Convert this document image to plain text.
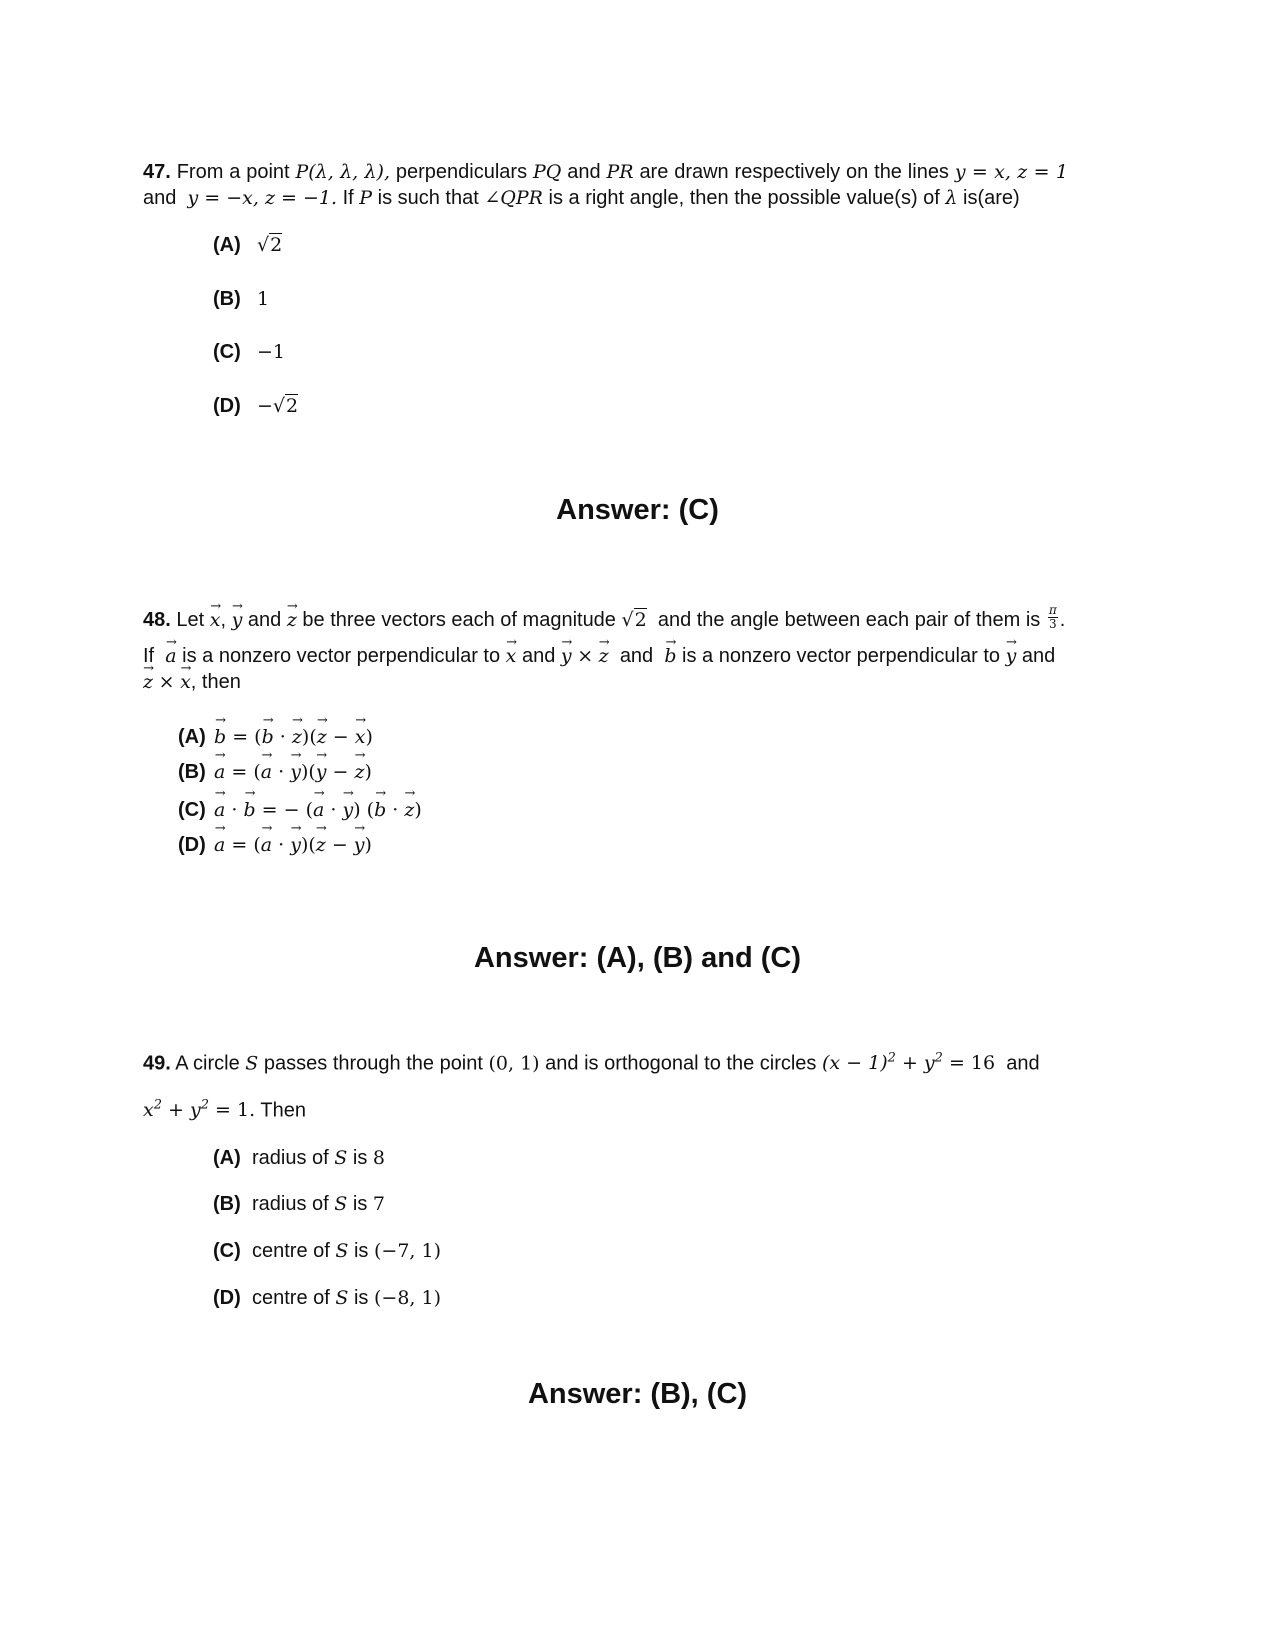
47. From a point P(λ, λ, λ), perpendiculars PQ and PR are drawn respectively on the lines y = x, z = 1
and y = −x, z = −1. If P is such that ∠QPR is a right angle, then the possible value(s) of λ is(are)
(A) √2
(B) 1
(C) −1
(D) −√2
Answer: (C)
48. Let → x, → y and → z be three vectors each of magnitude √2 and the angle between each pair of them is $\frac{\pi}{3}$ .
If → a is a nonzero vector perpendicular to → x and → y × → z and → b is a nonzero vector perpendicular to → y and
→ z × → x, then
(A) → b = (→ b · → z)(→ z − → x)
(B) → a = (→ a · → y)(→ y − → z)
(C) → a · → b = − (→ a · → y) (→ b · → z)
(D) → a = (→ a · → y)(→ z − → y)
Answer: (A), (B) and (C)
49. A circle S passes through the point (0, 1) and is orthogonal to the circles $(x - 1)^2 + y^2 = 16$ and
$x^2 + y^2 = 1$. Then
(A) radius of S is 8
(B) radius of S is 7
(C) centre of S is (−7, 1)
(D) centre of S is (−8, 1)
Answer: (B), (C)
